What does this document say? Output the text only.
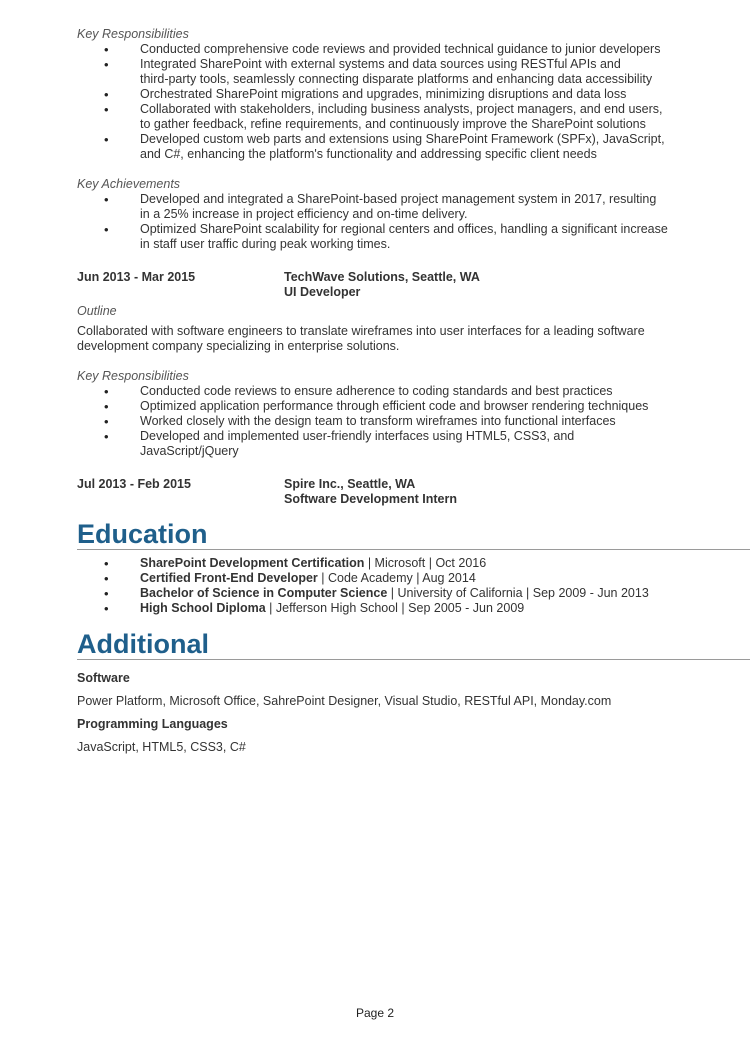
Key Responsibilities

•	Conducted comprehensive code reviews and provided technical guidance to junior developers
•	Integrated SharePoint with external systems and data sources using RESTful APIs and
third-party tools, seamlessly connecting disparate platforms and enhancing data accessibility
•	Orchestrated SharePoint migrations and upgrades, minimizing disruptions and data loss
•	Collaborated with stakeholders, including business analysts, project managers, and end users,
to gather feedback, refine requirements, and continuously improve the SharePoint solutions
•	Developed custom web parts and extensions using SharePoint Framework (SPFx), JavaScript,
and C#, enhancing the platform's functionality and addressing specific client needs

Key Achievements

•	Developed and integrated a SharePoint-based project management system in 2017, resulting
in a 25% increase in project efficiency and on-time delivery.
•	Optimized SharePoint scalability for regional centers and offices, handling a significant increase
in staff user traffic during peak working times.
Jun 2013 - Mar 2015	TechWave Solutions, Seattle, WA
UI Developer

Outline

Collaborated with software engineers to translate wireframes into user interfaces for a leading software
development company specializing in enterprise solutions.

Key Responsibilities

•	Conducted code reviews to ensure adherence to coding standards and best practices
•	Optimized application performance through efficient code and browser rendering techniques
•	Worked closely with the design team to transform wireframes into functional interfaces
•	Developed and implemented user-friendly interfaces using HTML5, CSS3, and
JavaScript/jQuery
Jul 2013 - Feb 2015	Spire Inc., Seattle, WA
Software Development Intern
Education
•	SharePoint Development Certification | Microsoft | Oct 2016
•	Certified Front-End Developer | Code Academy | Aug 2014
•	Bachelor of Science in Computer Science | University of California | Sep 2009 - Jun 2013
•	High School Diploma | Jefferson High School | Sep 2005 - Jun 2009
Additional
Software
Power Platform, Microsoft Office, SahrePoint Designer, Visual Studio, RESTful API, Monday.com
Programming Languages
JavaScript, HTML5, CSS3, C#
Page 2
